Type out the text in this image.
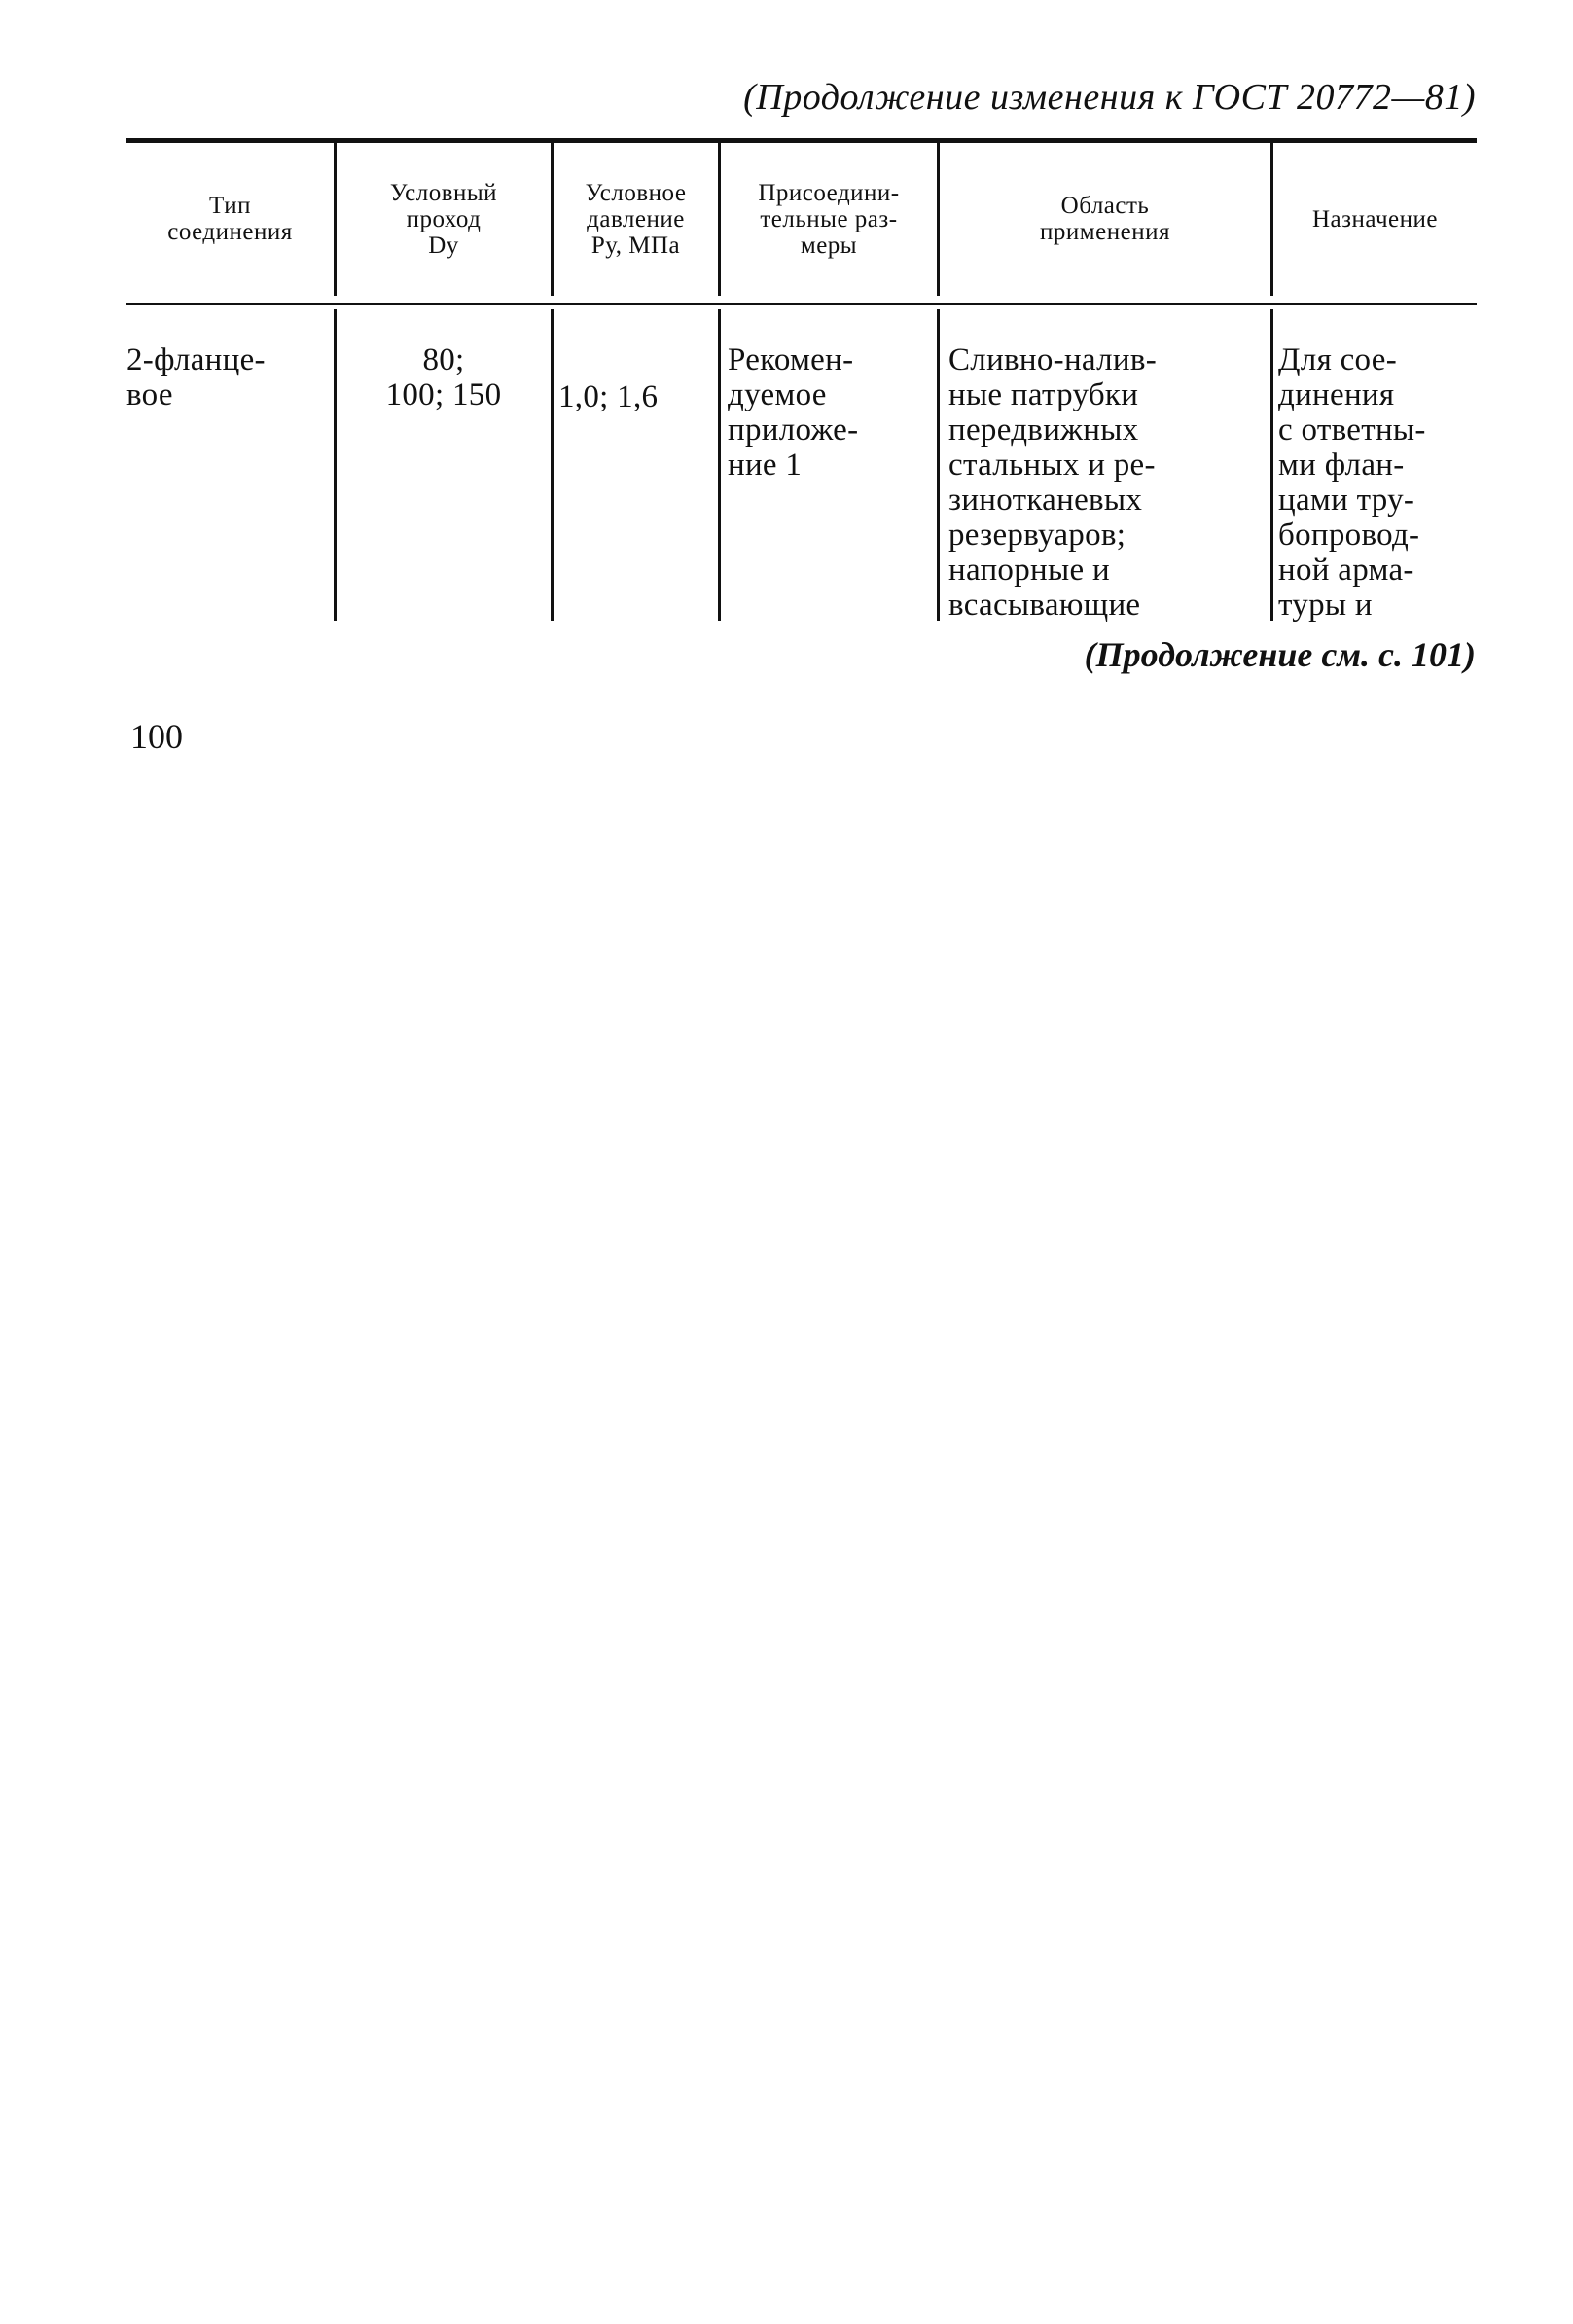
(Продолжение изменения к ГОСТ 20772—81)
Тип
соединения
Условный
проход
Dу
Условное
давление
Pу, МПа
Присоедини-
тельные раз-
меры
Область
применения	Назначение
2-фланце-
вое
80;
100; 150	1,0; 1,6
Рекомен-
дуемое
приложе-
ние 1
Сливно-налив-
ные патрубки
передвижных
стальных и ре-
зинотканевых
резервуаров;
напорные и
всасывающие
Для сое-
динения
с ответны-
ми флан-
цами тру-
бопровод-
ной арма-
туры и
(Продолжение см. с. 101)
100
